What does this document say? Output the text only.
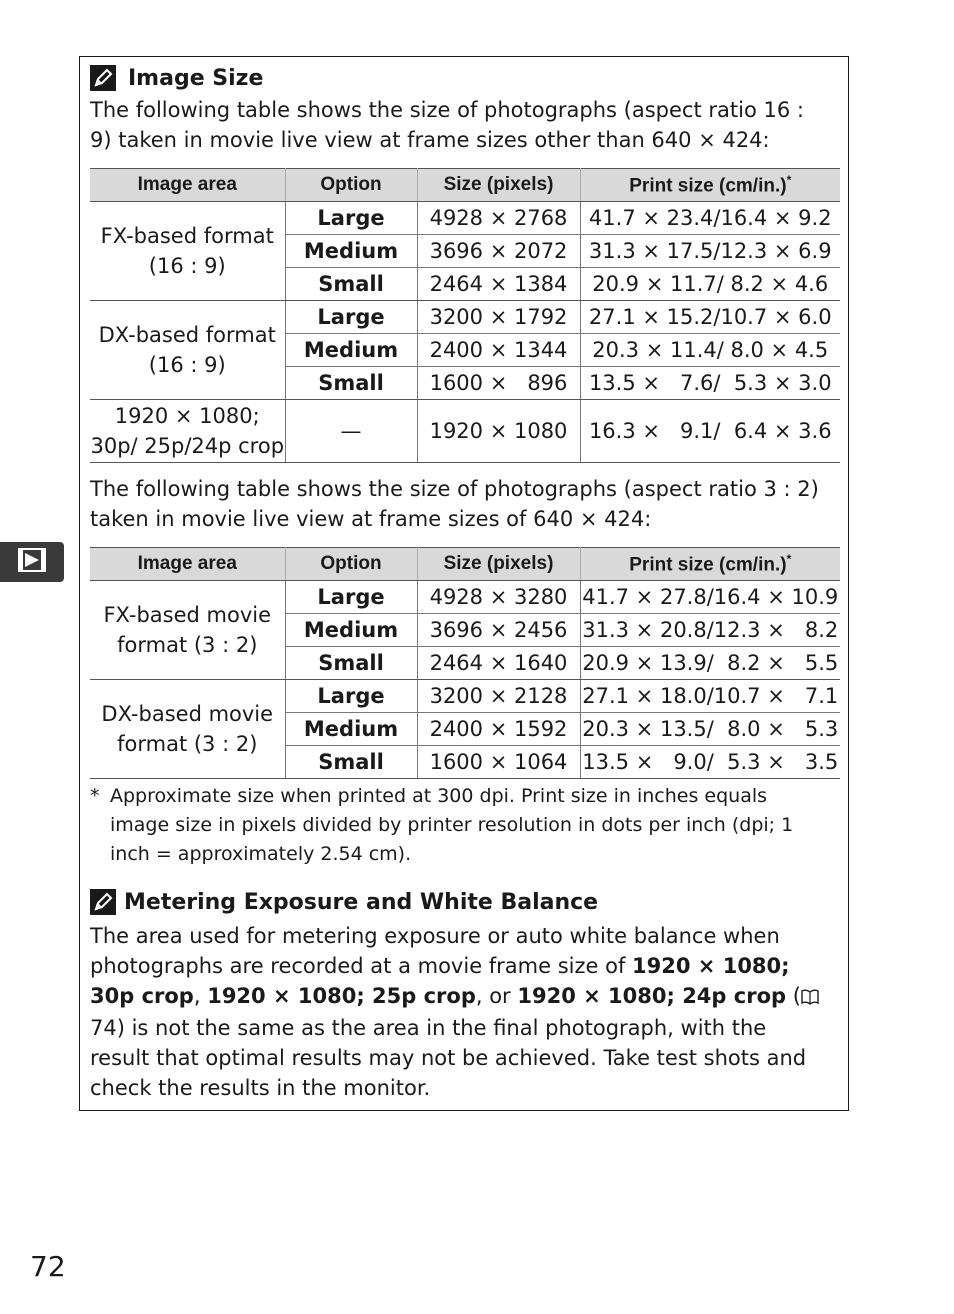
Image Size

The following table shows the size of photographs (aspect ratio 16 : 9) taken in movie live view at frame sizes other than 640 × 424:

Image area	Option	Size (pixels)	Print size (cm/in.)*
FX-based format (16 : 9)	Large	4928 × 2768	41.7 × 23.4/16.4 × 9.2
	Medium	3696 × 2072	31.3 × 17.5/12.3 × 6.9
	Small	2464 × 1384	20.9 × 11.7/ 8.2 × 4.6
DX-based format (16 : 9)	Large	3200 × 1792	27.1 × 15.2/10.7 × 6.0
	Medium	2400 × 1344	20.3 × 11.4/ 8.0 × 4.5
	Small	1600 ×   896	13.5 ×   7.6/  5.3 × 3.0
1920 × 1080; 30p/ 25p/24p crop	—	1920 × 1080	16.3 ×   9.1/  6.4 × 3.6

The following table shows the size of photographs (aspect ratio 3 : 2) taken in movie live view at frame sizes of 640 × 424:

Image area	Option	Size (pixels)	Print size (cm/in.)*
FX-based movie format (3 : 2)	Large	4928 × 3280	41.7 × 27.8/16.4 × 10.9
	Medium	3696 × 2456	31.3 × 20.8/12.3 ×   8.2
	Small	2464 × 1640	20.9 × 13.9/  8.2 ×   5.5
DX-based movie format (3 : 2)	Large	3200 × 2128	27.1 × 18.0/10.7 ×   7.1
	Medium	2400 × 1592	20.3 × 13.5/  8.0 ×   5.3
	Small	1600 × 1064	13.5 ×   9.0/  5.3 ×   3.5
* Approximate size when printed at 300 dpi. Print size in inches equals image size in pixels divided by printer resolution in dots per inch (dpi; 1 inch = approximately 2.54 cm).
Metering Exposure and White Balance

The area used for metering exposure or auto white balance when photographs are recorded at a movie frame size of 1920 × 1080; 30p crop, 1920 × 1080; 25p crop, or 1920 × 1080; 24p crop ( 74) is not the same as the area in the final photograph, with the result that optimal results may not be achieved. Take test shots and check the results in the monitor.

72
